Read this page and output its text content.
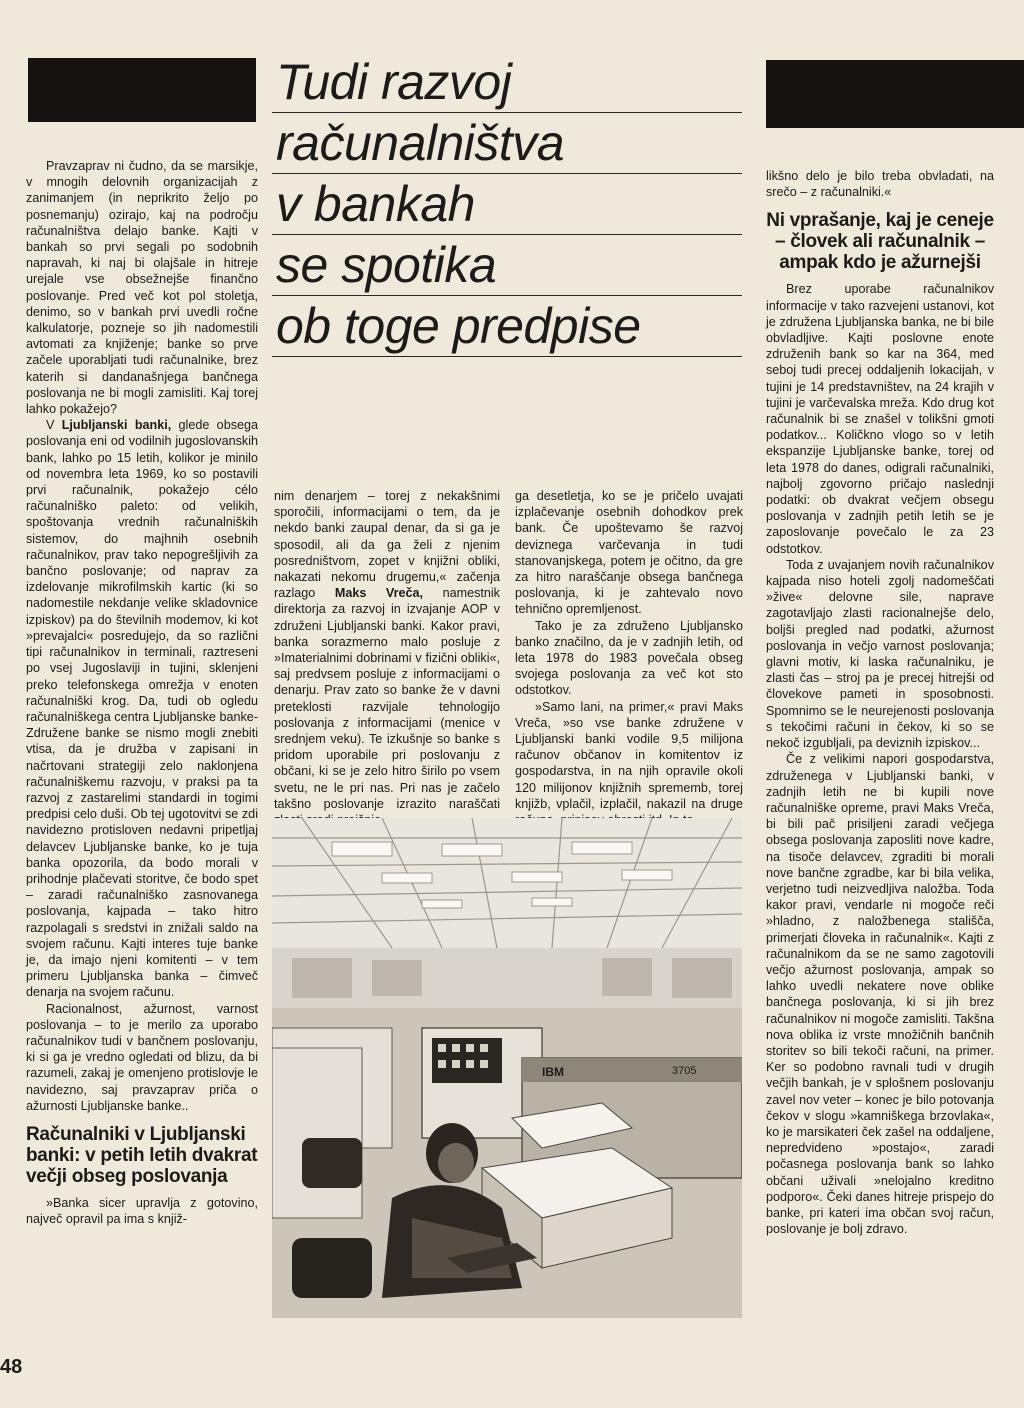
Tudi razvoj
računalništva
v bankah
se spotika
ob toge predpise

Pravzaprav ni čudno, da se marsikje, v mnogih delovnih organizacijah z zanimanjem (in neprikrito željo po posnemanju) ozirajo, kaj na področju računalništva delajo banke. Kajti v bankah so prvi segali po sodobnih napravah, ki naj bi olajšale in hitreje urejale vse obsežnejše finančno poslovanje. Pred več kot pol stoletja, denimo, so v bankah prvi uvedli ročne kalkulatorje, pozneje so jih nadomestili avtomati za knjiženje; banke so prve začele uporabljati tudi računalnike, brez katerih si dandanašnjega bančnega poslovanja ne bi mogli zamisliti. Kaj torej lahko pokažejo?

V Ljubljanski banki, glede obsega poslovanja eni od vodilnih jugoslovanskih bank, lahko po 15 letih, kolikor je minilo od novembra leta 1969, ko so postavili prvi računalnik, pokažejo célo računalniško paleto: od velikih, spoštovanja vrednih računalniških sistemov, do majhnih osebnih računalnikov, prav tako nepogrešljivih za bančno poslovanje; od naprav za izdelovanje mikrofilmskih kartic (ki so nadomestile nekdanje velike skladovnice izpiskov) pa do številnih modemov, ki kot »prevajalci« posredujejo, da so različni tipi računalnikov in terminali, raztreseni po vsej Jugoslaviji in tujini, sklenjeni preko telefonskega omrežja v enoten računalniški krog. Da, tudi ob ogledu računalniškega centra Ljubljanske banke-Združene banke se nismo mogli znebiti vtisa, da je družba v zapisani in načrtovani strategiji zelo naklonjena računalniškemu razvoju, v praksi pa ta razvoj z zastarelimi standardi in togimi predpisi celo duši. Ob tej ugotovitvi se zdi navidezno protisloven nedavni pripetljaj delavcev Ljubljanske banke, ko je tuja banka opozorila, da bodo morali v prihodnje plačevati storitve, če bodo spet – zaradi računalniško zasnovanega poslovanja, kajpada – tako hitro razpolagali s sredstvi in znižali saldo na svojem računu. Kajti interes tuje banke je, da imajo njeni komitenti – v tem primeru Ljubljanska banka – čimveč denarja na svojem računu.

Racionalnost, ažurnost, varnost poslovanja – to je merilo za uporabo računalnikov tudi v bančnem poslovanju, ki si ga je vredno ogledati od blizu, da bi razumeli, zakaj je omenjeno protislovje le navidezno, saj pravzaprav priča o ažurnosti Ljubljanske banke..

Računalniki v Ljubljanski banki: v petih letih dvakrat večji obseg poslovanja

»Banka sicer upravlja z gotovino, največ opravil pa ima s knjiž-

nim denarjem – torej z nekakšnimi sporočili, informacijami o tem, da je nekdo banki zaupal denar, da si ga je sposodil, ali da ga želi z njenim posredništvom, zopet v knjižni obliki, nakazati nekomu drugemu,« začenja razlago Maks Vreča, namestnik direktorja za razvoj in izvajanje AOP v združeni Ljubljanski banki. Kakor pravi, banka sorazmerno malo posluje z »Imaterialnimi dobrinami v fizični obliki«, saj predvsem posluje z informacijami o denarju. Prav zato so banke že v davni preteklosti razvijale tehnologijo poslovanja z informacijami (menice v srednjem veku). Te izkušnje so banke s pridom uporabile pri poslovanju z občani, ki se je zelo hitro širilo po vsem svetu, ne le pri nas. Pri nas je začelo takšno poslovanje izrazito naraščati

ga desetletja, ko se je pričelo uvajati izplačevanje osebnih dohodkov prek bank. Če upoštevamo še razvoj deviznega varčevanja in tudi stanovanjskega, potem je očitno, da gre za hitro naraščanje obsega bančnega poslovanja, ki je zahtevalo novo tehnično opremljenost.

Tako je za združeno Ljubljansko banko značilno, da je v zadnjih letih, od leta 1978 do 1983 povečala obseg svojega poslovanja za več kot sto odstotkov.

»Samo lani, na primer,« pravi Maks Vreča, »so vse banke združene v Ljubljanski banki vodile 9,5 milijona računov občanov in komitentov iz gospodarstva, in na njih opravile okoli 120 milijonov knjižnih sprememb, torej knjižb, vplačil, izplačil, nakazil na druge

likšno delo je bilo treba obvladati, na srečo – z računalniki.«

Ni vprašanje, kaj je ceneje – človek ali računalnik – ampak kdo je ažurnejši

Brez uporabe računalnikov informacije v tako razvejeni ustanovi, kot je združena Ljubljanska banka, ne bi bile obvladljive. Kajti poslovne enote združenih bank so kar na 364, med seboj tudi precej oddaljenih lokacijah, v tujini je 14 predstavništev, na 24 krajih v tujini je varčevalska mreža. Kdo drug kot računalnik bi se znašel v tolikšni gmoti podatkov... Količkno vlogo so v letih ekspanzije Ljubljanske banke, torej od leta 1978 do danes, odigrali računalniki, najbolj zgovorno pričajo naslednji podatki: ob dvakrat večjem obsegu poslovanja v zadnjih petih letih se je zaposlovanje povečalo le za 23 odstotkov.

Toda z uvajanjem novih računalnikov kajpada niso hoteli zgolj nadomeščati »žive« delovne sile, naprave zagotavljajo zlasti racionalnejše delo, boljši pregled nad podatki, ažurnost poslovanja in večjo varnost poslovanja; glavni motiv, ki laska računalniku, je zlasti čas – stroj pa je precej hitrejši od človekove pameti in sposobnosti. Spomnimo se le neurejenosti poslovanja s tekočimi računi in čekov, ki so se nekoč izgubljali, pa deviznih izpiskov...

Če z velikimi napori gospodarstva, združenega v Ljubljanski banki, v zadnjih letih ne bi kupili nove računalniške opreme, pravi Maks Vreča, bi bili pač prisiljeni zaradi večjega obsega poslovanja zaposliti nove kadre, na tisoče delavcev, zgraditi bi morali nove bančne zgradbe, kar bi bila velika, verjetno tudi neizvedljiva naložba. Toda kakor pravi, vendarle ni mogoče reči »hladno, z naložbenega stališča, primerjati človeka in računalnik«. Kajti z računalnikom da se ne samo zagotovili večjo ažurnost poslovanja, ampak so lahko uvedli nekatere nove oblike bančnega poslovanja, ki si jih brez računalnikov ni mogoče zamisliti. Takšna nova oblika iz vrste množičnih bančnih storitev so bili tekoči računi, na primer. Ker so podobno ravnali tudi v drugih večjih bankah, je v splošnem poslovanju zavel nov veter – konec je bilo potovanja čekov v slogu »kamniškega brzovlaka«, ko je marsikateri ček zašel na oddaljene, nepredvideno »postajo«, zaradi počasnega poslovanja bank so lahko občani uživali »nelojalno kreditno podporo«. Čeki danes hitreje prispejo do banke, pri kateri ima občan svoj račun, poslovanje je bolj zdravo.

IBM	3705
48
